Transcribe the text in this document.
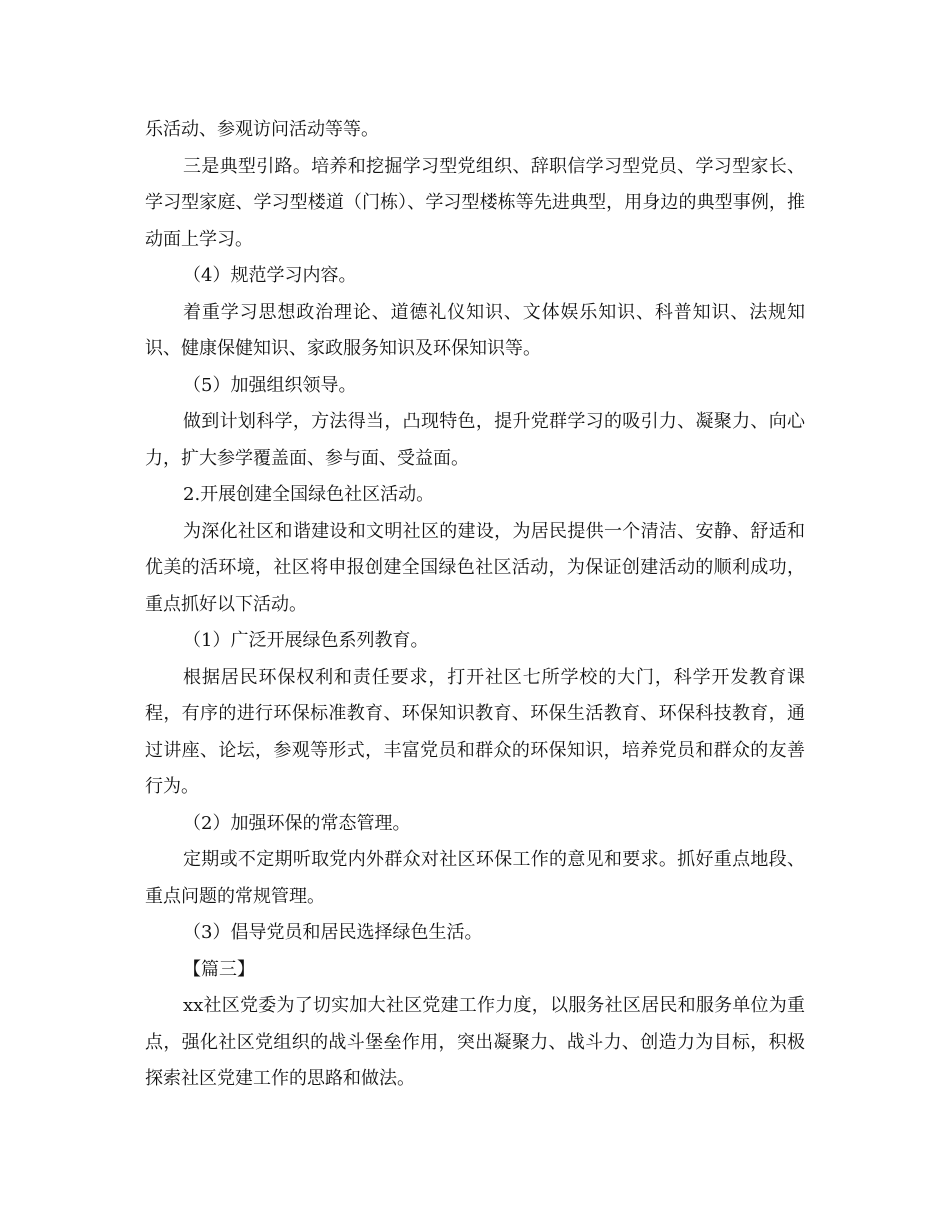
乐活动、参观访问活动等等。

三是典型引路。培养和挖掘学习型党组织、辞职信学习型党员、学习型家长、学习型家庭、学习型楼道（门栋）、学习型楼栋等先进典型，用身边的典型事例，推动面上学习。

（4）规范学习内容。

着重学习思想政治理论、道德礼仪知识、文体娱乐知识、科普知识、法规知识、健康保健知识、家政服务知识及环保知识等。

（5）加强组织领导。

做到计划科学，方法得当，凸现特色，提升党群学习的吸引力、凝聚力、向心力，扩大参学覆盖面、参与面、受益面。

2.开展创建全国绿色社区活动。

为深化社区和谐建设和文明社区的建设，为居民提供一个清洁、安静、舒适和优美的活环境，社区将申报创建全国绿色社区活动，为保证创建活动的顺利成功，重点抓好以下活动。

（1）广泛开展绿色系列教育。

根据居民环保权利和责任要求，打开社区七所学校的大门，科学开发教育课程，有序的进行环保标准教育、环保知识教育、环保生活教育、环保科技教育，通过讲座、论坛，参观等形式，丰富党员和群众的环保知识，培养党员和群众的友善行为。

（2）加强环保的常态管理。

定期或不定期听取党内外群众对社区环保工作的意见和要求。抓好重点地段、重点问题的常规管理。

（3）倡导党员和居民选择绿色生活。

【篇三】

xx社区党委为了切实加大社区党建工作力度，以服务社区居民和服务单位为重点，强化社区党组织的战斗堡垒作用，突出凝聚力、战斗力、创造力为目标，积极探索社区党建工作的思路和做法。
